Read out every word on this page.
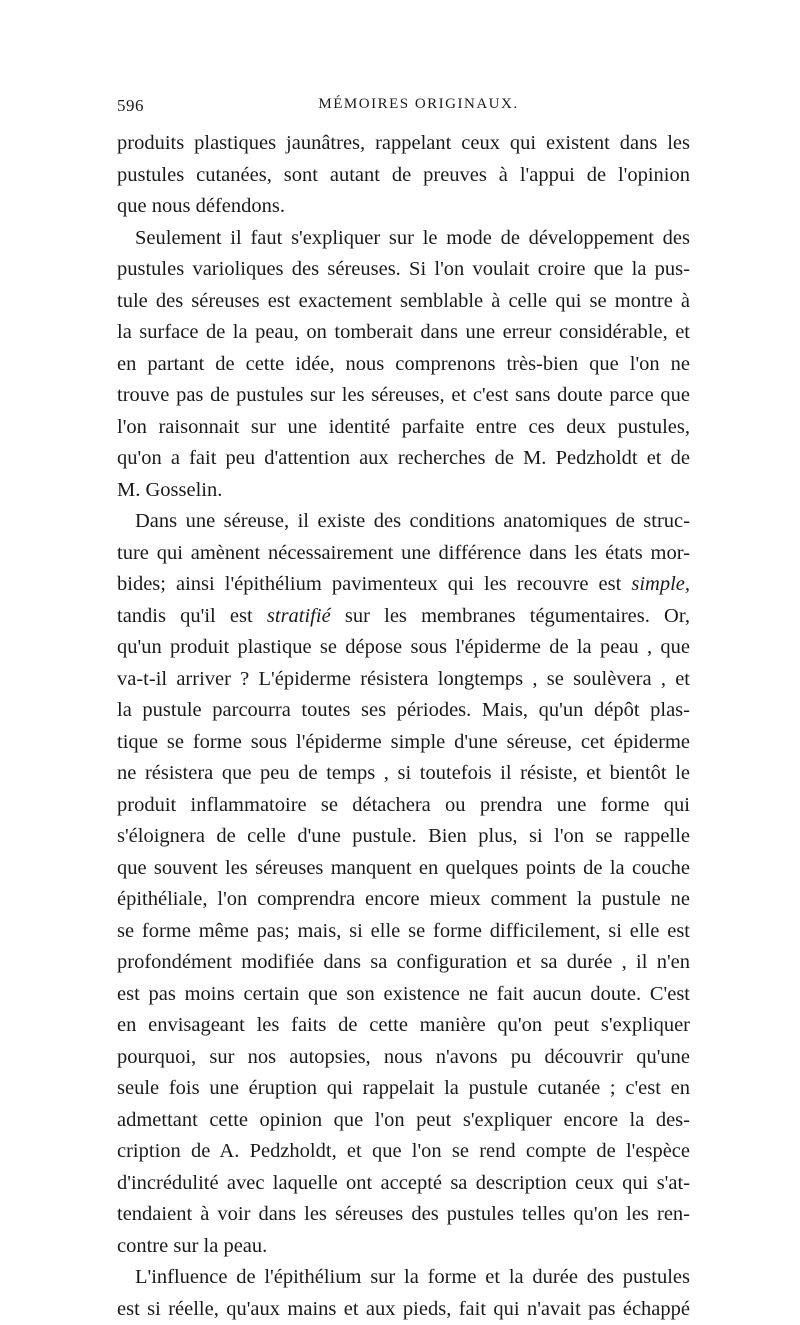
596	MÉMOIRES ORIGINAUX.

produits plastiques jaunâtres, rappelant ceux qui existent dans les
pustules cutanées, sont autant de preuves à l'appui de l'opinion
que nous défendons.

Seulement il faut s'expliquer sur le mode de développement des
pustules varioliques des séreuses. Si l'on voulait croire que la pus-
tule des séreuses est exactement semblable à celle qui se montre à
la surface de la peau, on tomberait dans une erreur considérable, et
en partant de cette idée, nous comprenons très-bien que l'on ne
trouve pas de pustules sur les séreuses, et c'est sans doute parce que
l'on raisonnait sur une identité parfaite entre ces deux pustules,
qu'on a fait peu d'attention aux recherches de M. Pedzholdt et de
M. Gosselin.

Dans une séreuse, il existe des conditions anatomiques de struc-
ture qui amènent nécessairement une différence dans les états mor-
bides; ainsi l'épithélium pavimenteux qui les recouvre est simple,
tandis qu'il est stratifié sur les membranes tégumentaires. Or,
qu'un produit plastique se dépose sous l'épiderme de la peau , que
va-t-il arriver ? L'épiderme résistera longtemps , se soulèvera , et
la pustule parcourra toutes ses périodes. Mais, qu'un dépôt plas-
tique se forme sous l'épiderme simple d'une séreuse, cet épiderme
ne résistera que peu de temps , si toutefois il résiste, et bientôt le
produit inflammatoire se détachera ou prendra une forme qui
s'éloignera de celle d'une pustule. Bien plus, si l'on se rappelle
que souvent les séreuses manquent en quelques points de la couche
épithéliale, l'on comprendra encore mieux comment la pustule ne
se forme même pas; mais, si elle se forme difficilement, si elle est
profondément modifiée dans sa configuration et sa durée , il n'en
est pas moins certain que son existence ne fait aucun doute. C'est
en envisageant les faits de cette manière qu'on peut s'expliquer
pourquoi, sur nos autopsies, nous n'avons pu découvrir qu'une
seule fois une éruption qui rappelait la pustule cutanée ; c'est en
admettant cette opinion que l'on peut s'expliquer encore la des-
cription de A. Pedzholdt, et que l'on se rend compte de l'espèce
d'incrédulité avec laquelle ont accepté sa description ceux qui s'at-
tendaient à voir dans les séreuses des pustules telles qu'on les ren-
contre sur la peau.

L'influence de l'épithélium sur la forme et la durée des pustules
est si réelle, qu'aux mains et aux pieds, fait qui n'avait pas échappé
